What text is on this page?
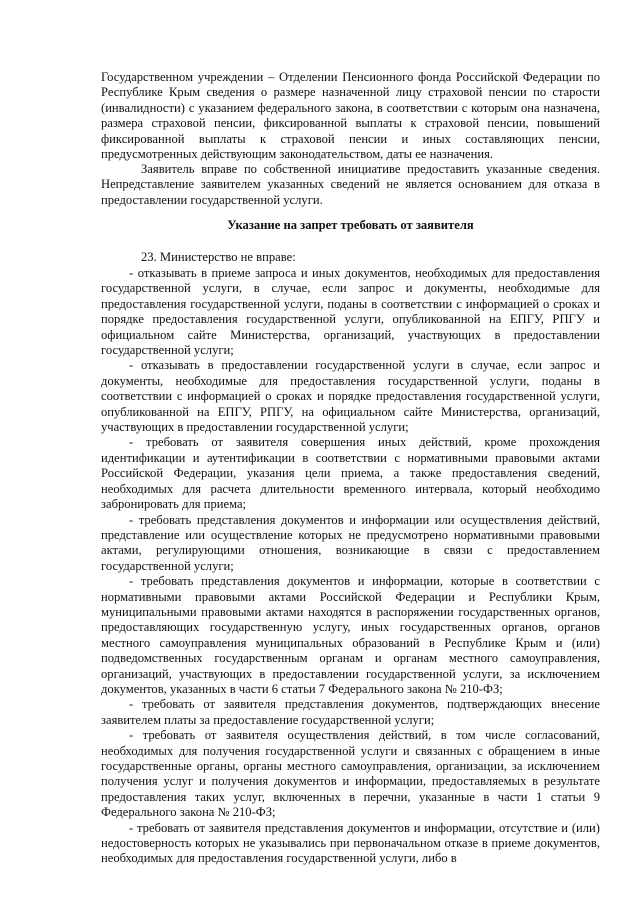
Государственном учреждении – Отделении Пенсионного фонда Российской Федерации по Республике Крым сведения о размере назначенной лицу страховой пенсии по старости (инвалидности) с указанием федерального закона, в соответствии с которым она назначена, размера страховой пенсии, фиксированной выплаты к страховой пенсии, повышений фиксированной выплаты к страховой пенсии и иных составляющих пенсии, предусмотренных действующим законодательством, даты ее назначения.

Заявитель вправе по собственной инициативе предоставить указанные сведения. Непредставление заявителем указанных сведений не является основанием для отказа в предоставлении государственной услуги.

Указание на запрет требовать от заявителя

23. Министерство не вправе:

- отказывать в приеме запроса и иных документов, необходимых для предоставления государственной услуги, в случае, если запрос и документы, необходимые для предоставления государственной услуги, поданы в соответствии с информацией о сроках и порядке предоставления государственной услуги, опубликованной на ЕПГУ, РПГУ и официальном сайте Министерства, организаций, участвующих в предоставлении государственной услуги;

- отказывать в предоставлении государственной услуги в случае, если запрос и документы, необходимые для предоставления государственной услуги, поданы в соответствии с информацией о сроках и порядке предоставления государственной услуги, опубликованной на ЕПГУ, РПГУ, на официальном сайте Министерства, организаций, участвующих в предоставлении государственной услуги;

- требовать от заявителя совершения иных действий, кроме прохождения идентификации и аутентификации в соответствии с нормативными правовыми актами Российской Федерации, указания цели приема, а также предоставления сведений, необходимых для расчета длительности временного интервала, который необходимо забронировать для приема;

- требовать представления документов и информации или осуществления действий, представление или осуществление которых не предусмотрено нормативными правовыми актами, регулирующими отношения, возникающие в связи с предоставлением государственной услуги;

- требовать представления документов и информации, которые в соответствии с нормативными правовыми актами Российской Федерации и Республики Крым, муниципальными правовыми актами находятся в распоряжении государственных органов, предоставляющих государственную услугу, иных государственных органов, органов местного самоуправления муниципальных образований в Республике Крым и (или) подведомственных государственным органам и органам местного самоуправления, организаций, участвующих в предоставлении государственной услуги, за исключением документов, указанных в части 6 статьи 7 Федерального закона № 210-ФЗ;

- требовать от заявителя представления документов, подтверждающих внесение заявителем платы за предоставление государственной услуги;

- требовать от заявителя осуществления действий, в том числе согласований, необходимых для получения государственной услуги и связанных с обращением в иные государственные органы, органы местного самоуправления, организации, за исключением получения услуг и получения документов и информации, предоставляемых в результате предоставления таких услуг, включенных в перечни, указанные в части 1 статьи 9 Федерального закона № 210-ФЗ;

- требовать от заявителя представления документов и информации, отсутствие и (или) недостоверность которых не указывались при первоначальном отказе в приеме документов, необходимых для предоставления государственной услуги, либо в
